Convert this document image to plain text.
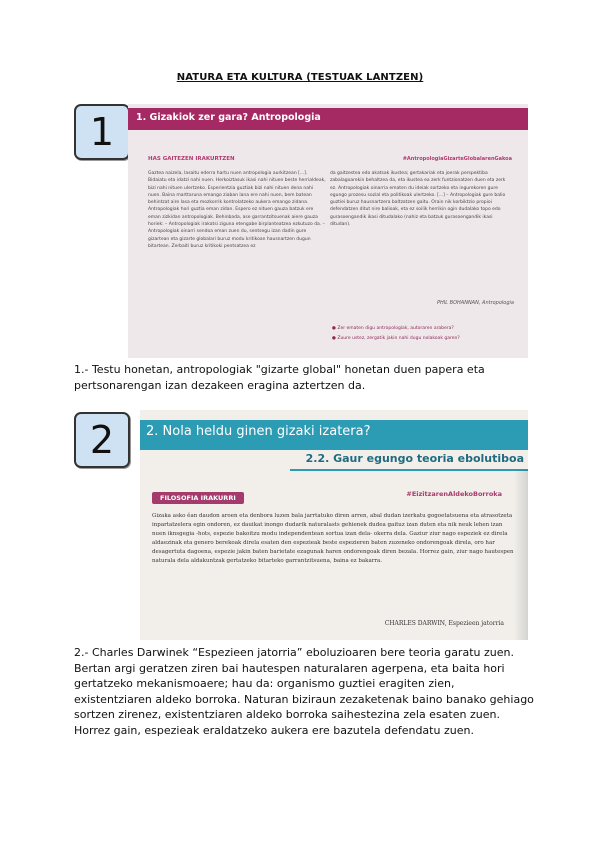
NATURA ETA KULTURA (TESTUAK LANTZEN)
1	1. Gizakiok zer gara? Antropologia
HAS GAITEZEN IRAKURTZEN	#AntropologiaGizarteGlobalarenGakoa
Gaztea naizela, lasaitu ederra hartu nuen antropologia aurkitzean [...]. Bidaiatu eta idatzi nahi nuen. Herkoiztasuk ikasi nahi nituen beste herrialdeak, bizi nahi nituen ulertzeko. Esperientzia guztiak bizi nahi nituen dena nahi nuen. Baina marttaruna emango ziaban lana ere nahi nuen, bem batean behintzat aire lasa eta mozkorrik kontrolatzeko aukera emango zidana. Antropologiak hori guztia eman zidan. Espero ez nituen gauza batzuk ere eman zizkidan antropologiak. Behinbada, ase garrantzitsuenak aiere gauza horiek: – Antropologiak irakatsi ziguna etengabe birplanteatzea ezkutuzo da. – Antropologiak oinarri sendoa eman zuen du, sentsegu izan dadin gure gizartean eta gizarte globalari buruz modu kritikoan hausnartzen dugun bitartean. Zerbaiti buruz kritikoki pentsatzea ez
da gaitzestea edo akatsak ikustea; gertakariak eta joerak perspektiba zabalagoarekin behaltzea da, eta ikustea ea zerk funtzionatzen duen eta zerk ez. Antropologiak oinarria ematen du ideiak sortzeko eta ingurekoren gure egungo prozesu sozial eta politikoak ulertzeko. [...] – Antropologiak gure balio guztiei buruz hausnartzera baltzatzen gaitu. Orain nik korbiktzio propioi defendatzen ditut nire balioak, eta ez soilik herrikin ogin dudalako topo edo gurasoengandik ikasi ditudalako (nahiz eta batzuk gurasoengandik ikasi ditudan).
PHIL BOHANNAN, Antropologia
● Zer ematen digu antropologiak, autoraren arabera?
● Zuure ustez, zergatik jakin nahi dugu nolakoak garen?

1.- Testu honetan, antropologiak "gizarte global" honetan duen papera eta pertsonarengan izan dezakeen eragina aztertzen da.

2	2. Nola heldu ginen gizaki izatera?
2.2. Gaur egungo teoria ebolutiboa
FILOSOFIA IRAKURRI	#EizitzarenAldekoBorroka
Gizaka asko ĕan daudon aroen eta denbora luzen bala jarrtatuko diren arren, abal dudan izerkatu gogoetatsuena eta atrasotzeta inpartatzelera egin ondoren, ez dauikat inongo dudarik naturalasts gehienek dudea gaituz izan duten eta nik neuk lehen izan nuen iknsgegia -hots, espezie bakoitzu modu independentean sortua izan dela- okerra dela. Gaziur ziur nago espeziek ez direla aldaezinak eta genero berekoak direla esaten den espezieak beste espezieren baten zuzeneko ondorengoak direla, oro har desagertuta dagoena, espezie jakin baten barietate ezagunak haren ondorengoak diren bezala. Horrez gain, ziur nago hautespen naturala dela aldakuntzak gertatzeko bitarteko garrantzitsuena, baina ez bakarra.
CHARLES DARWIN, Espezieen jatorria

2.- Charles Darwinek “Espezieen jatorria” eboluzioaren bere teoria garatu zuen. Bertan argi geratzen ziren bai hautespen naturalaren agerpena, eta baita hori gertatzeko mekanismoaere; hau da: organismo guztiei eragiten zien, existentziaren aldeko borroka. Naturan biziraun zezaketenak baino banako gehiago sortzen zirenez, existentziaren aldeko borroka saihestezina zela esaten zuen. Horrez gain, espezieak eraldatzeko aukera ere bazutela defendatu zuen.
